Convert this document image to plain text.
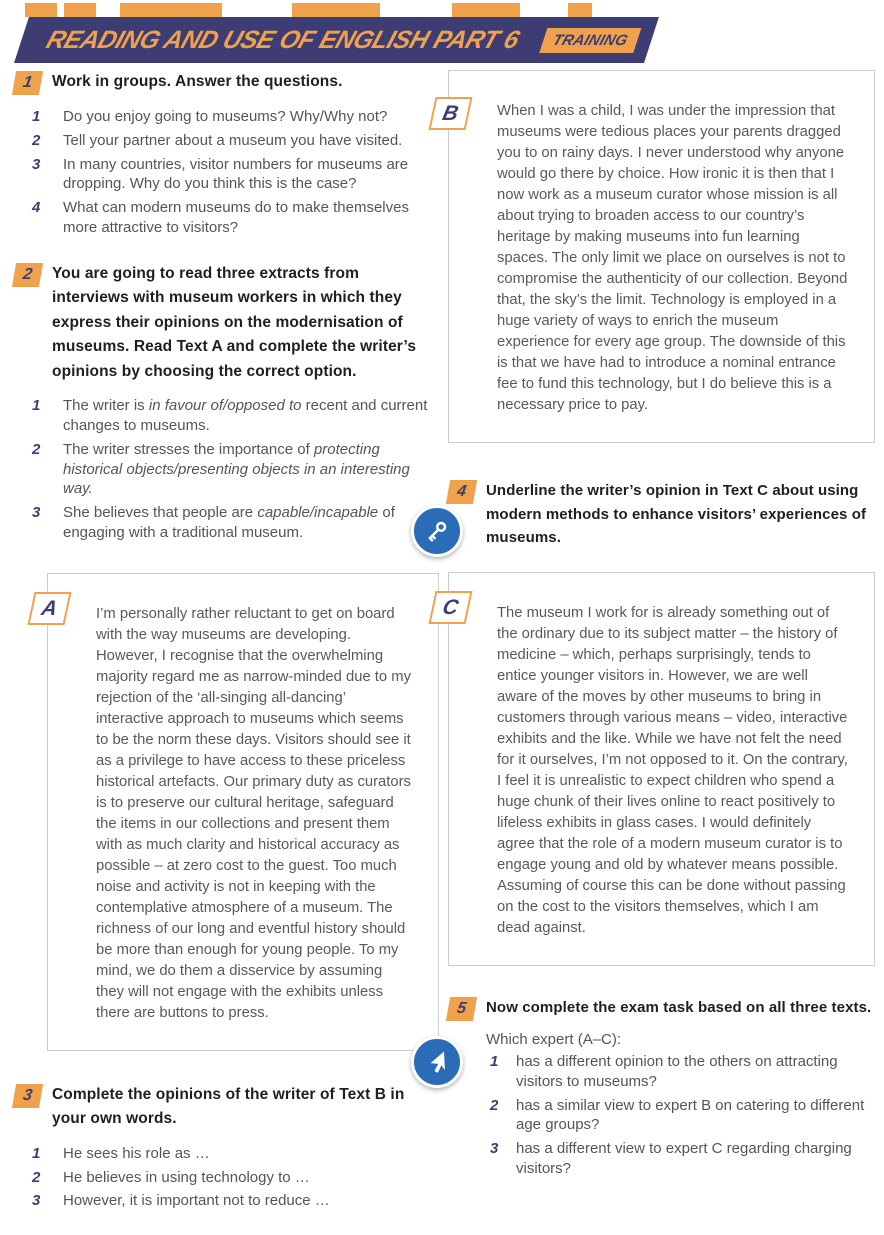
READING AND USE OF ENGLISH PART 6	TRAINING
1	Work in groups. Answer the questions.
1	Do you enjoy going to museums? Why/Why not?
2	Tell your partner about a museum you have visited.
3	In many countries, visitor numbers for museums are dropping. Why do you think this is the case?
4	What can modern museums do to make themselves more attractive to visitors?
2	You are going to read three extracts from interviews with museum workers in which they express their opinions on the modernisation of museums. Read Text A and complete the writer’s opinions by choosing the correct option.
1	The writer is in favour of/opposed to recent and current changes to museums.
2	The writer stresses the importance of protecting historical objects/presenting objects in an interesting way.
3	She believes that people are capable/incapable of engaging with a traditional museum.
A	I’m personally rather reluctant to get on board with the way museums are developing. However, I recognise that the overwhelming majority regard me as narrow-minded due to my rejection of the ‘all-singing all-dancing’ interactive approach to museums which seems to be the norm these days. Visitors should see it as a privilege to have access to these priceless historical artefacts. Our primary duty as curators is to preserve our cultural heritage, safeguard the items in our collections and present them with as much clarity and historical accuracy as possible – at zero cost to the guest. Too much noise and activity is not in keeping with the contemplative atmosphere of a museum. The richness of our long and eventful history should be more than enough for young people. To my mind, we do them a disservice by assuming they will not engage with the exhibits unless there are buttons to press.

3	Complete the opinions of the writer of Text B in your own words.
1	He sees his role as …
2	He believes in using technology to …
3	However, it is important not to reduce …
B	When I was a child, I was under the impression that museums were tedious places your parents dragged you to on rainy days. I never understood why anyone would go there by choice. How ironic it is then that I now work as a museum curator whose mission is all about trying to broaden access to our country’s heritage by making museums into fun learning spaces. The only limit we place on ourselves is not to compromise the authenticity of our collection. Beyond that, the sky’s the limit. Technology is employed in a huge variety of ways to enrich the museum experience for every age group. The downside of this is that we have had to introduce a nominal entrance fee to fund this technology, but I do believe this is a necessary price to pay.

4	Underline the writer’s opinion in Text C about using modern methods to enhance visitors’ experiences of museums.
C	The museum I work for is already something out of the ordinary due to its subject matter – the history of medicine – which, perhaps surprisingly, tends to entice younger visitors in. However, we are well aware of the moves by other museums to bring in customers through various means – video, interactive exhibits and the like. While we have not felt the need for it ourselves, I’m not opposed to it. On the contrary, I feel it is unrealistic to expect children who spend a huge chunk of their lives online to react positively to lifeless exhibits in glass cases. I would definitely agree that the role of a modern museum curator is to engage young and old by whatever means possible. Assuming of course this can be done without passing on the cost to the visitors themselves, which I am dead against.

5	Now complete the exam task based on all three texts.
Which expert (A–C):
1	has a different opinion to the others on attracting visitors to museums?
2	has a similar view to expert B on catering to different age groups?
3	has a different view to expert C regarding charging visitors?
